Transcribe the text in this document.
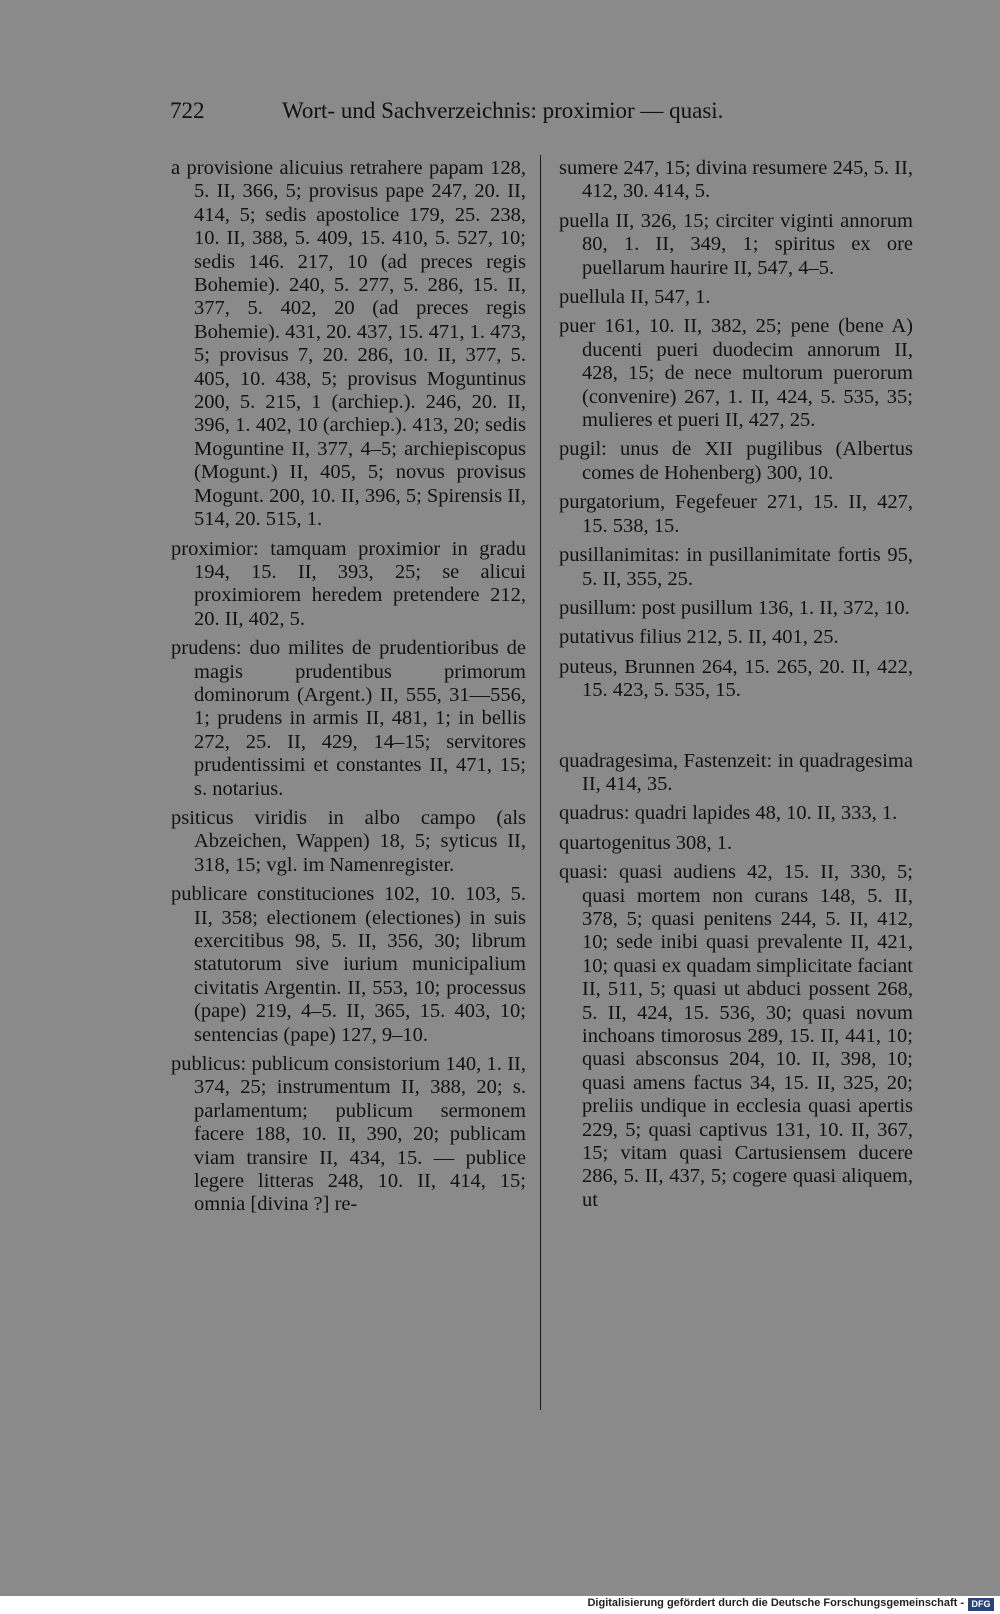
722	Wort- und Sachverzeichnis: proximior — quasi.

a provisione alicuius retrahere papam 128, 5. II, 366, 5; provisus pape 247, 20. II, 414, 5; sedis apostolice 179, 25. 238, 10. II, 388, 5. 409, 15. 410, 5. 527, 10; sedis 146. 217, 10 (ad preces regis Bohemie). 240, 5. 277, 5. 286, 15. II, 377, 5. 402, 20 (ad preces regis Bohemie). 431, 20. 437, 15. 471, 1. 473, 5; provisus 7, 20. 286, 10. II, 377, 5. 405, 10. 438, 5; provisus Moguntinus 200, 5. 215, 1 (archiep.). 246, 20. II, 396, 1. 402, 10 (archiep.). 413, 20; sedis Moguntine II, 377, 4–5; archiepiscopus (Mogunt.) II, 405, 5; novus provisus Mogunt. 200, 10. II, 396, 5; Spirensis II, 514, 20. 515, 1.

proximior: tamquam proximior in gradu 194, 15. II, 393, 25; se alicui proximiorem heredem pretendere 212, 20. II, 402, 5.

prudens: duo milites de prudentioribus de magis prudentibus primorum dominorum (Argent.) II, 555, 31—556, 1; prudens in armis II, 481, 1; in bellis 272, 25. II, 429, 14–15; servitores prudentissimi et constantes II, 471, 15; s. notarius.

psiticus viridis in albo campo (als Abzeichen, Wappen) 18, 5; syticus II, 318, 15; vgl. im Namenregister.

publicare constituciones 102, 10. 103, 5. II, 358; electionem (electiones) in suis exercitibus 98, 5. II, 356, 30; librum statutorum sive iurium municipalium civitatis Argentin. II, 553, 10; processus (pape) 219, 4–5. II, 365, 15. 403, 10; sentencias (pape) 127, 9–10.

publicus: publicum consistorium 140, 1. II, 374, 25; instrumentum II, 388, 20; s. parlamentum; publicum sermonem facere 188, 10. II, 390, 20; publicam viam transire II, 434, 15. — publice legere litteras 248, 10. II, 414, 15; omnia [divina ?] re-

sumere 247, 15; divina resumere 245, 5. II, 412, 30. 414, 5.

puella II, 326, 15; circiter viginti annorum 80, 1. II, 349, 1; spiritus ex ore puellarum haurire II, 547, 4–5.

puellula II, 547, 1.

puer 161, 10. II, 382, 25; pene (bene A) ducenti pueri duodecim annorum II, 428, 15; de nece multorum puerorum (convenire) 267, 1. II, 424, 5. 535, 35; mulieres et pueri II, 427, 25.

pugil: unus de XII pugilibus (Albertus comes de Hohenberg) 300, 10.

purgatorium, Fegefeuer 271, 15. II, 427, 15. 538, 15.

pusillanimitas: in pusillanimitate fortis 95, 5. II, 355, 25.

pusillum: post pusillum 136, 1. II, 372, 10.

putativus filius 212, 5. II, 401, 25.

puteus, Brunnen 264, 15. 265, 20. II, 422, 15. 423, 5. 535, 15.

quadragesima, Fastenzeit: in quadragesima II, 414, 35.

quadrus: quadri lapides 48, 10. II, 333, 1.

quartogenitus 308, 1.

quasi: quasi audiens 42, 15. II, 330, 5; quasi mortem non curans 148, 5. II, 378, 5; quasi penitens 244, 5. II, 412, 10; sede inibi quasi prevalente II, 421, 10; quasi ex quadam simplicitate faciant II, 511, 5; quasi ut abduci possent 268, 5. II, 424, 15. 536, 30; quasi novum inchoans timorosus 289, 15. II, 441, 10; quasi absconsus 204, 10. II, 398, 10; quasi amens factus 34, 15. II, 325, 20; preliis undique in ecclesia quasi apertis 229, 5; quasi captivus 131, 10. II, 367, 15; vitam quasi Cartusiensem ducere 286, 5. II, 437, 5; cogere quasi aliquem, ut

Digitalisierung gefördert durch die Deutsche Forschungsgemeinschaft - DFG
